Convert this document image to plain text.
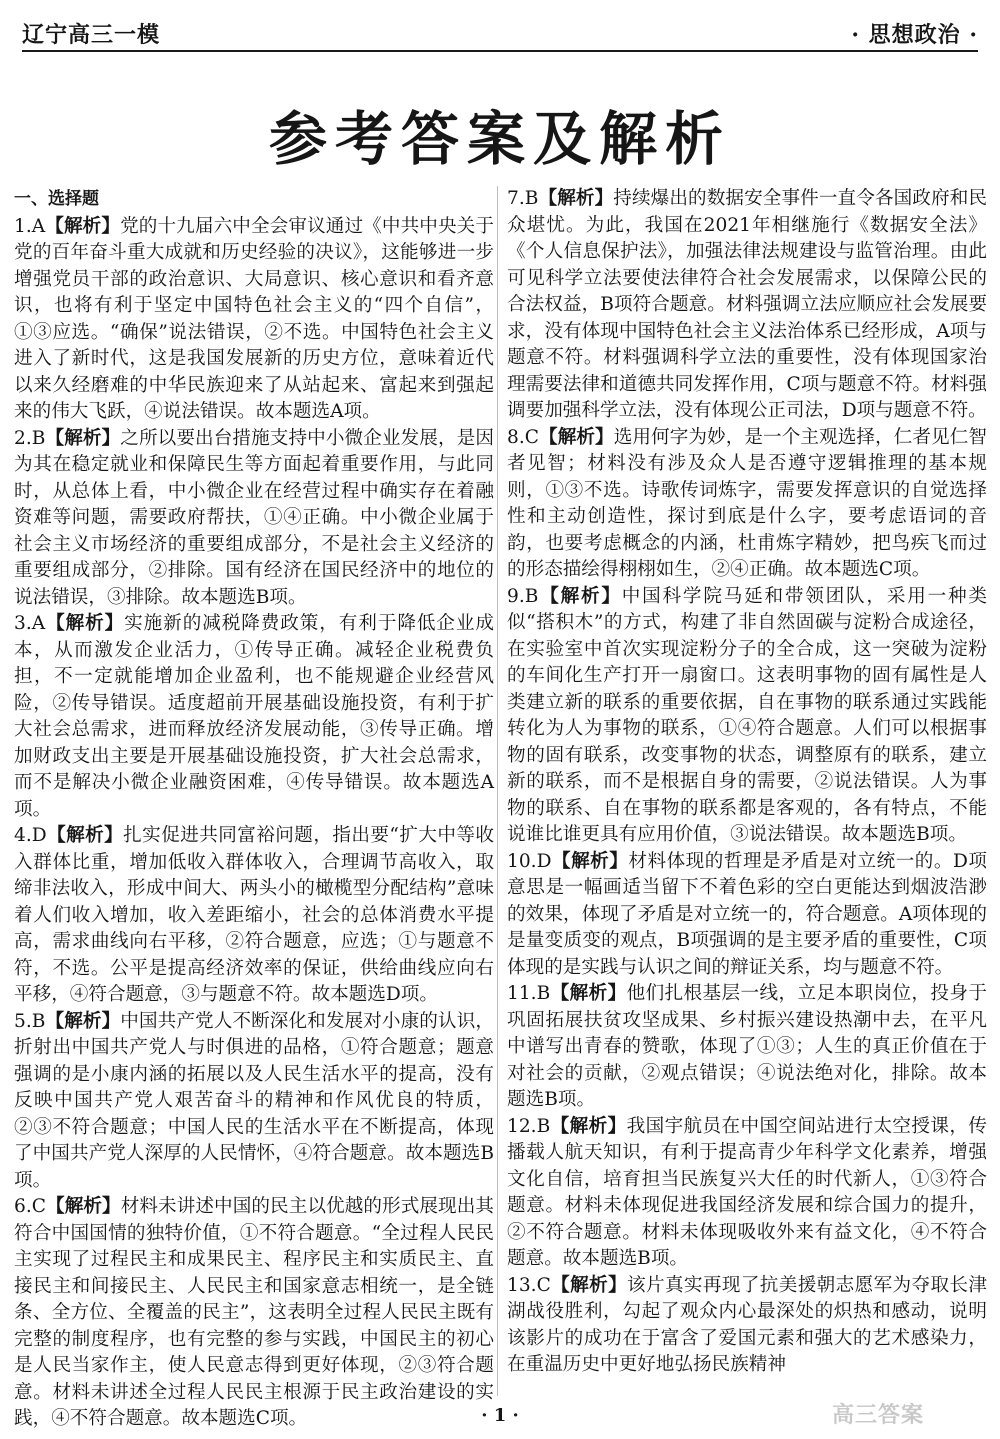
辽宁高三一模	· 思想政治 ·
参考答案及解析
一、选择题

1.A【解析】党的十九届六中全会审议通过《中共中央关于党的百年奋斗重大成就和历史经验的决议》，这能够进一步增强党员干部的政治意识、大局意识、核心意识和看齐意识，也将有利于坚定中国特色社会主义的“四个自信”，①③应选。“确保”说法错误，②不选。中国特色社会主义进入了新时代，这是我国发展新的历史方位，意味着近代以来久经磨难的中华民族迎来了从站起来、富起来到强起来的伟大飞跃，④说法错误。故本题选A项。

2.B【解析】之所以要出台措施支持中小微企业发展，是因为其在稳定就业和保障民生等方面起着重要作用，与此同时，从总体上看，中小微企业在经营过程中确实存在着融资难等问题，需要政府帮扶，①④正确。中小微企业属于社会主义市场经济的重要组成部分，不是社会主义经济的重要组成部分，②排除。国有经济在国民经济中的地位的说法错误，③排除。故本题选B项。

3.A【解析】实施新的减税降费政策，有利于降低企业成本，从而激发企业活力，①传导正确。减轻企业税费负担，不一定就能增加企业盈利，也不能规避企业经营风险，②传导错误。适度超前开展基础设施投资，有利于扩大社会总需求，进而释放经济发展动能，③传导正确。增加财政支出主要是开展基础设施投资，扩大社会总需求，而不是解决小微企业融资困难，④传导错误。故本题选A项。

4.D【解析】扎实促进共同富裕问题，指出要“扩大中等收入群体比重，增加低收入群体收入，合理调节高收入，取缔非法收入，形成中间大、两头小的橄榄型分配结构”意味着人们收入增加，收入差距缩小，社会的总体消费水平提高，需求曲线向右平移，②符合题意，应选；①与题意不符，不选。公平是提高经济效率的保证，供给曲线应向右平移，④符合题意，③与题意不符。故本题选D项。

5.B【解析】中国共产党人不断深化和发展对小康的认识，折射出中国共产党人与时俱进的品格，①符合题意；题意强调的是小康内涵的拓展以及人民生活水平的提高，没有反映中国共产党人艰苦奋斗的精神和作风优良的特质，②③不符合题意；中国人民的生活水平在不断提高，体现了中国共产党人深厚的人民情怀，④符合题意。故本题选B项。

6.C【解析】材料未讲述中国的民主以优越的形式展现出其符合中国国情的独特价值，①不符合题意。“全过程人民民主实现了过程民主和成果民主、程序民主和实质民主、直接民主和间接民主、人民民主和国家意志相统一，是全链条、全方位、全覆盖的民主”，这表明全过程人民民主既有完整的制度程序，也有完整的参与实践，中国民主的初心是人民当家作主，使人民意志得到更好体现，②③符合题意。材料未讲述全过程人民民主根源于民主政治建设的实践，④不符合题意。故本题选C项。

7.B【解析】持续爆出的数据安全事件一直令各国政府和民众堪忧。为此，我国在2021年相继施行《数据安全法》《个人信息保护法》，加强法律法规建设与监管治理。由此可见科学立法要使法律符合社会发展需求，以保障公民的合法权益，B项符合题意。材料强调立法应顺应社会发展要求，没有体现中国特色社会主义法治体系已经形成，A项与题意不符。材料强调科学立法的重要性，没有体现国家治理需要法律和道德共同发挥作用，C项与题意不符。材料强调要加强科学立法，没有体现公正司法，D项与题意不符。

8.C【解析】选用何字为妙，是一个主观选择，仁者见仁智者见智；材料没有涉及众人是否遵守逻辑推理的基本规则，①③不选。诗歌传词炼字，需要发挥意识的自觉选择性和主动创造性，探讨到底是什么字，要考虑语词的音韵，也要考虑概念的内涵，杜甫炼字精妙，把鸟疾飞而过的形态描绘得栩栩如生，②④正确。故本题选C项。

9.B【解析】中国科学院马延和带领团队，采用一种类似“搭积木”的方式，构建了非自然固碳与淀粉合成途径，在实验室中首次实现淀粉分子的全合成，这一突破为淀粉的车间化生产打开一扇窗口。这表明事物的固有属性是人类建立新的联系的重要依据，自在事物的联系通过实践能转化为人为事物的联系，①④符合题意。人们可以根据事物的固有联系，改变事物的状态，调整原有的联系，建立新的联系，而不是根据自身的需要，②说法错误。人为事物的联系、自在事物的联系都是客观的，各有特点，不能说谁比谁更具有应用价值，③说法错误。故本题选B项。

10.D【解析】材料体现的哲理是矛盾是对立统一的。D项意思是一幅画适当留下不着色彩的空白更能达到烟波浩渺的效果，体现了矛盾是对立统一的，符合题意。A项体现的是量变质变的观点，B项强调的是主要矛盾的重要性，C项体现的是实践与认识之间的辩证关系，均与题意不符。

11.B【解析】他们扎根基层一线，立足本职岗位，投身于巩固拓展扶贫攻坚成果、乡村振兴建设热潮中去，在平凡中谱写出青春的赞歌，体现了①③；人生的真正价值在于对社会的贡献，②观点错误；④说法绝对化，排除。故本题选B项。

12.B【解析】我国宇航员在中国空间站进行太空授课，传播载人航天知识，有利于提高青少年科学文化素养，增强文化自信，培育担当民族复兴大任的时代新人，①③符合题意。材料未体现促进我国经济发展和综合国力的提升，②不符合题意。材料未体现吸收外来有益文化，④不符合题意。故本题选B项。

13.C【解析】该片真实再现了抗美援朝志愿军为夺取长津湖战役胜利，勾起了观众内心最深处的炽热和感动，说明该影片的成功在于富含了爱国元素和强大的艺术感染力，在重温历史中更好地弘扬民族精神

· 1 ·	高三答案
